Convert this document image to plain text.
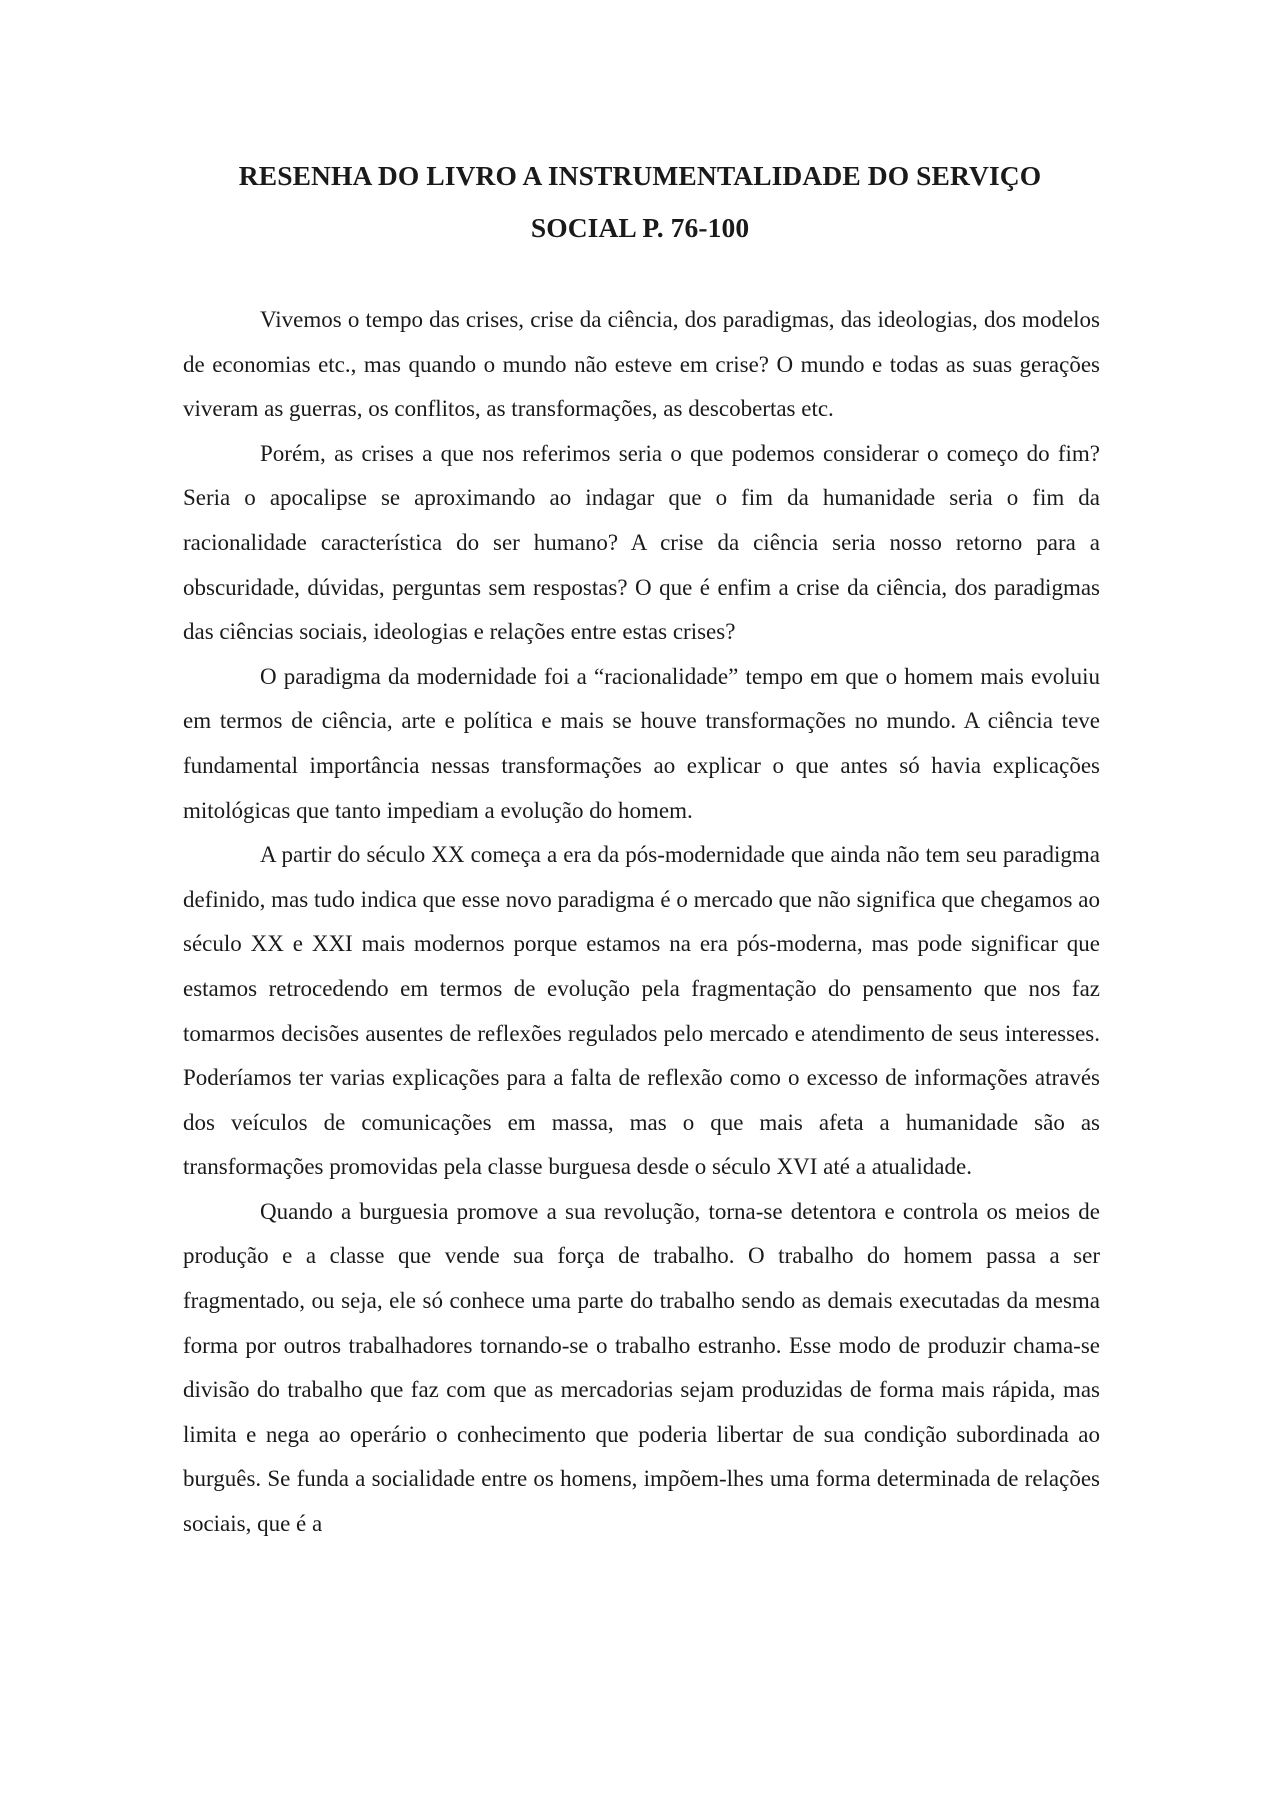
RESENHA DO LIVRO A INSTRUMENTALIDADE DO SERVIÇO
SOCIAL P. 76-100

Vivemos o tempo das crises, crise da ciência, dos paradigmas, das ideologias, dos modelos de economias etc., mas quando o mundo não esteve em crise? O mundo e todas as suas gerações viveram as guerras, os conflitos, as transformações, as descobertas etc.

Porém, as crises a que nos referimos seria o que podemos considerar o começo do fim? Seria o apocalipse se aproximando ao indagar que o fim da humanidade seria o fim da racionalidade característica do ser humano? A crise da ciência seria nosso retorno para a obscuridade, dúvidas, perguntas sem respostas? O que é enfim a crise da ciência, dos paradigmas das ciências sociais, ideologias e relações entre estas crises?

O paradigma da modernidade foi a “racionalidade” tempo em que o homem mais evoluiu em termos de ciência, arte e política e mais se houve transformações no mundo. A ciência teve fundamental importância nessas transformações ao explicar o que antes só havia explicações mitológicas que tanto impediam a evolução do homem.

A partir do século XX começa a era da pós-modernidade que ainda não tem seu paradigma definido, mas tudo indica que esse novo paradigma é o mercado que não significa que chegamos ao século XX e XXI mais modernos porque estamos na era pós-moderna, mas pode significar que estamos retrocedendo em termos de evolução pela fragmentação do pensamento que nos faz tomarmos decisões ausentes de reflexões regulados pelo mercado e atendimento de seus interesses. Poderíamos ter varias explicações para a falta de reflexão como o excesso de informações através dos veículos de comunicações em massa, mas o que mais afeta a humanidade são as transformações promovidas pela classe burguesa desde o século XVI até a atualidade.

Quando a burguesia promove a sua revolução, torna-se detentora e controla os meios de produção e a classe que vende sua força de trabalho. O trabalho do homem passa a ser fragmentado, ou seja, ele só conhece uma parte do trabalho sendo as demais executadas da mesma forma por outros trabalhadores tornando-se o trabalho estranho. Esse modo de produzir chama-se divisão do trabalho que faz com que as mercadorias sejam produzidas de forma mais rápida, mas limita e nega ao operário o conhecimento que poderia libertar de sua condição subordinada ao burguês. Se funda a socialidade entre os homens, impõem-lhes uma forma determinada de relações sociais, que é a
